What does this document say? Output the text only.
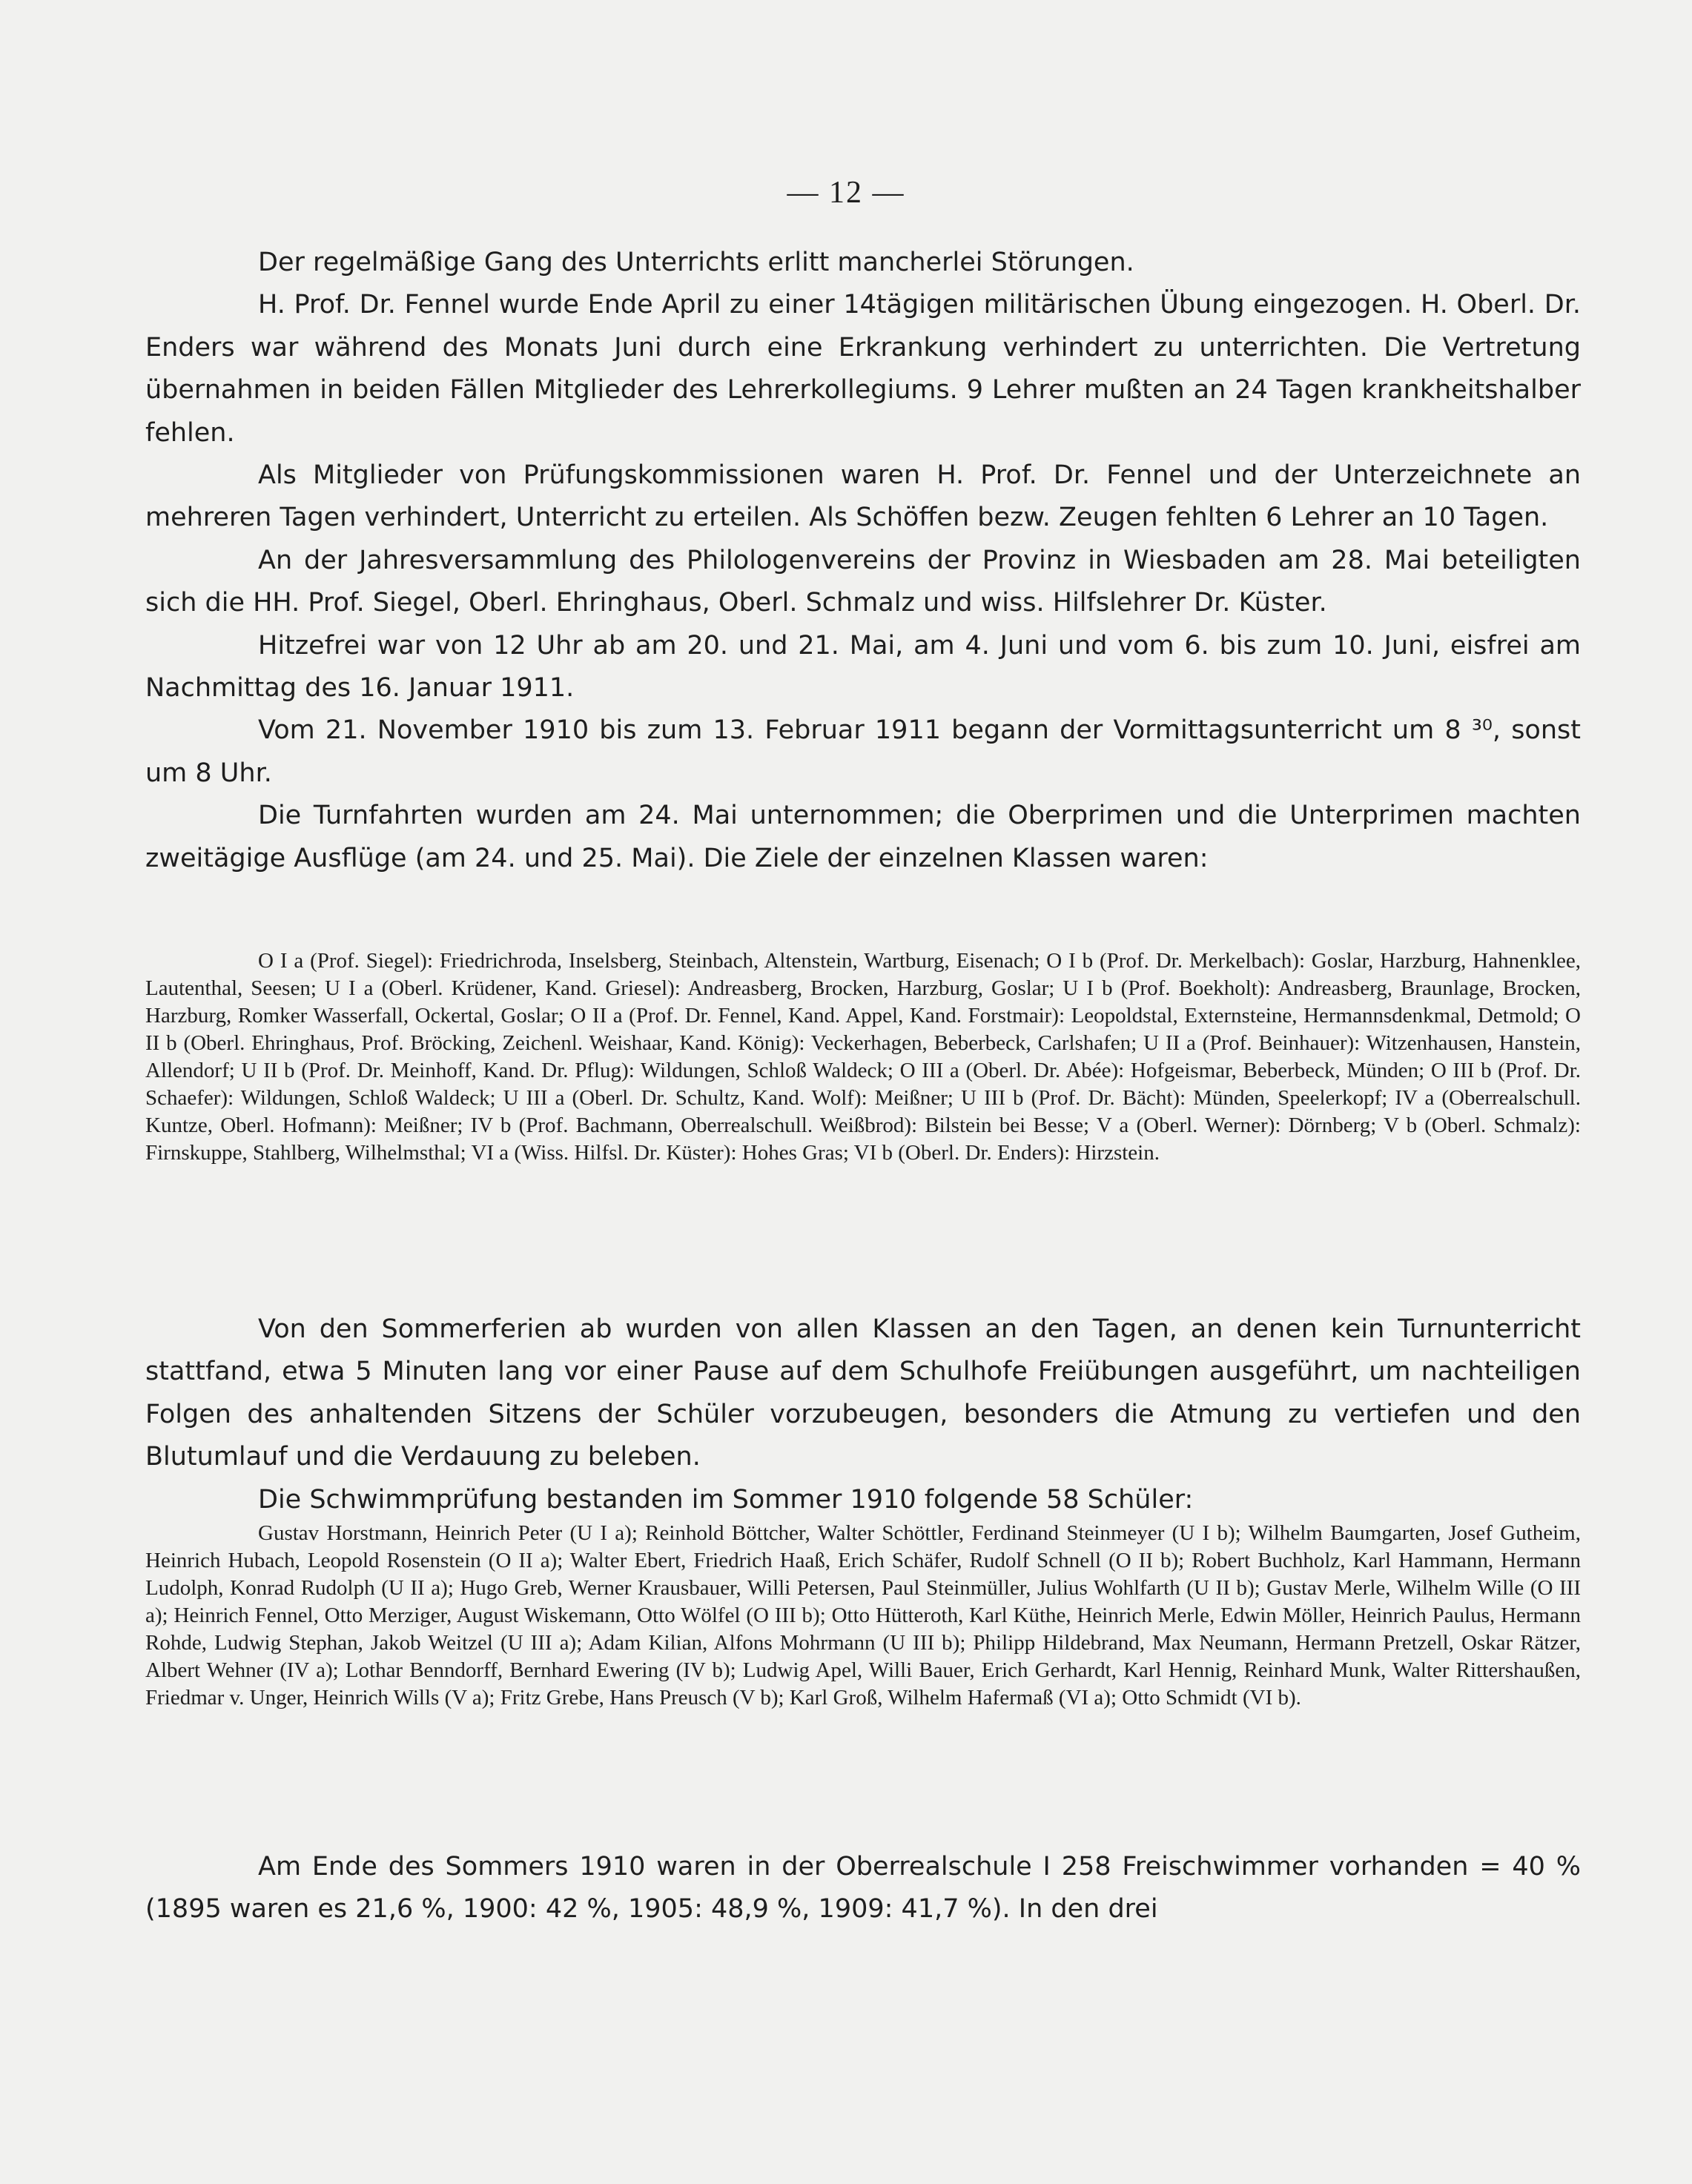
— 12 —

Der regelmäßige Gang des Unterrichts erlitt mancherlei Störungen.

H. Prof. Dr. Fennel wurde Ende April zu einer 14tägigen militärischen Übung eingezogen. H. Oberl. Dr. Enders war während des Monats Juni durch eine Erkrankung verhindert zu unterrichten. Die Vertretung übernahmen in beiden Fällen Mitglieder des Lehrerkollegiums. 9 Lehrer mußten an 24 Tagen krankheitshalber fehlen.

Als Mitglieder von Prüfungskommissionen waren H. Prof. Dr. Fennel und der Unterzeichnete an mehreren Tagen verhindert, Unterricht zu erteilen. Als Schöffen bezw. Zeugen fehlten 6 Lehrer an 10 Tagen.

An der Jahresversammlung des Philologenvereins der Provinz in Wiesbaden am 28. Mai beteiligten sich die HH. Prof. Siegel, Oberl. Ehringhaus, Oberl. Schmalz und wiss. Hilfslehrer Dr. Küster.

Hitzefrei war von 12 Uhr ab am 20. und 21. Mai, am 4. Juni und vom 6. bis zum 10. Juni, eisfrei am Nachmittag des 16. Januar 1911.

Vom 21. November 1910 bis zum 13. Februar 1911 begann der Vormittagsunterricht um 8 ³⁰, sonst um 8 Uhr.

Die Turnfahrten wurden am 24. Mai unternommen; die Oberprimen und die Unterprimen machten zweitägige Ausflüge (am 24. und 25. Mai). Die Ziele der einzelnen Klassen waren:

O I a (Prof. Siegel): Friedrichroda, Inselsberg, Steinbach, Altenstein, Wartburg, Eisenach; O I b (Prof. Dr. Merkelbach): Goslar, Harzburg, Hahnenklee, Lautenthal, Seesen; U I a (Oberl. Krüdener, Kand. Griesel): Andreasberg, Brocken, Harzburg, Goslar; U I b (Prof. Boekholt): Andreasberg, Braunlage, Brocken, Harzburg, Romker Wasserfall, Ockertal, Goslar; O II a (Prof. Dr. Fennel, Kand. Appel, Kand. Forstmair): Leopoldstal, Externsteine, Hermannsdenkmal, Detmold; O II b (Oberl. Ehringhaus, Prof. Bröcking, Zeichenl. Weishaar, Kand. König): Veckerhagen, Beberbeck, Carlshafen; U II a (Prof. Beinhauer): Witzenhausen, Hanstein, Allendorf; U II b (Prof. Dr. Meinhoff, Kand. Dr. Pflug): Wildungen, Schloß Waldeck; O III a (Oberl. Dr. Abée): Hofgeismar, Beberbeck, Münden; O III b (Prof. Dr. Schaefer): Wildungen, Schloß Waldeck; U III a (Oberl. Dr. Schultz, Kand. Wolf): Meißner; U III b (Prof. Dr. Bächt): Münden, Speelerkopf; IV a (Oberrealschull. Kuntze, Oberl. Hofmann): Meißner; IV b (Prof. Bachmann, Oberrealschull. Weißbrod): Bilstein bei Besse; V a (Oberl. Werner): Dörnberg; V b (Oberl. Schmalz): Firnskuppe, Stahlberg, Wilhelmsthal; VI a (Wiss. Hilfsl. Dr. Küster): Hohes Gras; VI b (Oberl. Dr. Enders): Hirzstein.

Von den Sommerferien ab wurden von allen Klassen an den Tagen, an denen kein Turnunterricht stattfand, etwa 5 Minuten lang vor einer Pause auf dem Schulhofe Freiübungen ausgeführt, um nachteiligen Folgen des anhaltenden Sitzens der Schüler vorzubeugen, besonders die Atmung zu vertiefen und den Blutumlauf und die Verdauung zu beleben.

Die Schwimmprüfung bestanden im Sommer 1910 folgende 58 Schüler:

Gustav Horstmann, Heinrich Peter (U I a); Reinhold Böttcher, Walter Schöttler, Ferdinand Steinmeyer (U I b); Wilhelm Baumgarten, Josef Gutheim, Heinrich Hubach, Leopold Rosenstein (O II a); Walter Ebert, Friedrich Haaß, Erich Schäfer, Rudolf Schnell (O II b); Robert Buchholz, Karl Hammann, Hermann Ludolph, Konrad Rudolph (U II a); Hugo Greb, Werner Krausbauer, Willi Petersen, Paul Steinmüller, Julius Wohlfarth (U II b); Gustav Merle, Wilhelm Wille (O III a); Heinrich Fennel, Otto Merziger, August Wiskemann, Otto Wölfel (O III b); Otto Hütteroth, Karl Küthe, Heinrich Merle, Edwin Möller, Heinrich Paulus, Hermann Rohde, Ludwig Stephan, Jakob Weitzel (U III a); Adam Kilian, Alfons Mohrmann (U III b); Philipp Hildebrand, Max Neumann, Hermann Pretzell, Oskar Rätzer, Albert Wehner (IV a); Lothar Benndorff, Bernhard Ewering (IV b); Ludwig Apel, Willi Bauer, Erich Gerhardt, Karl Hennig, Reinhard Munk, Walter Rittershaußen, Friedmar v. Unger, Heinrich Wills (V a); Fritz Grebe, Hans Preusch (V b); Karl Groß, Wilhelm Hafermaß (VI a); Otto Schmidt (VI b).

Am Ende des Sommers 1910 waren in der Oberrealschule I 258 Freischwimmer vorhanden = 40 % (1895 waren es 21,6 %, 1900: 42 %, 1905: 48,9 %, 1909: 41,7 %). In den drei
